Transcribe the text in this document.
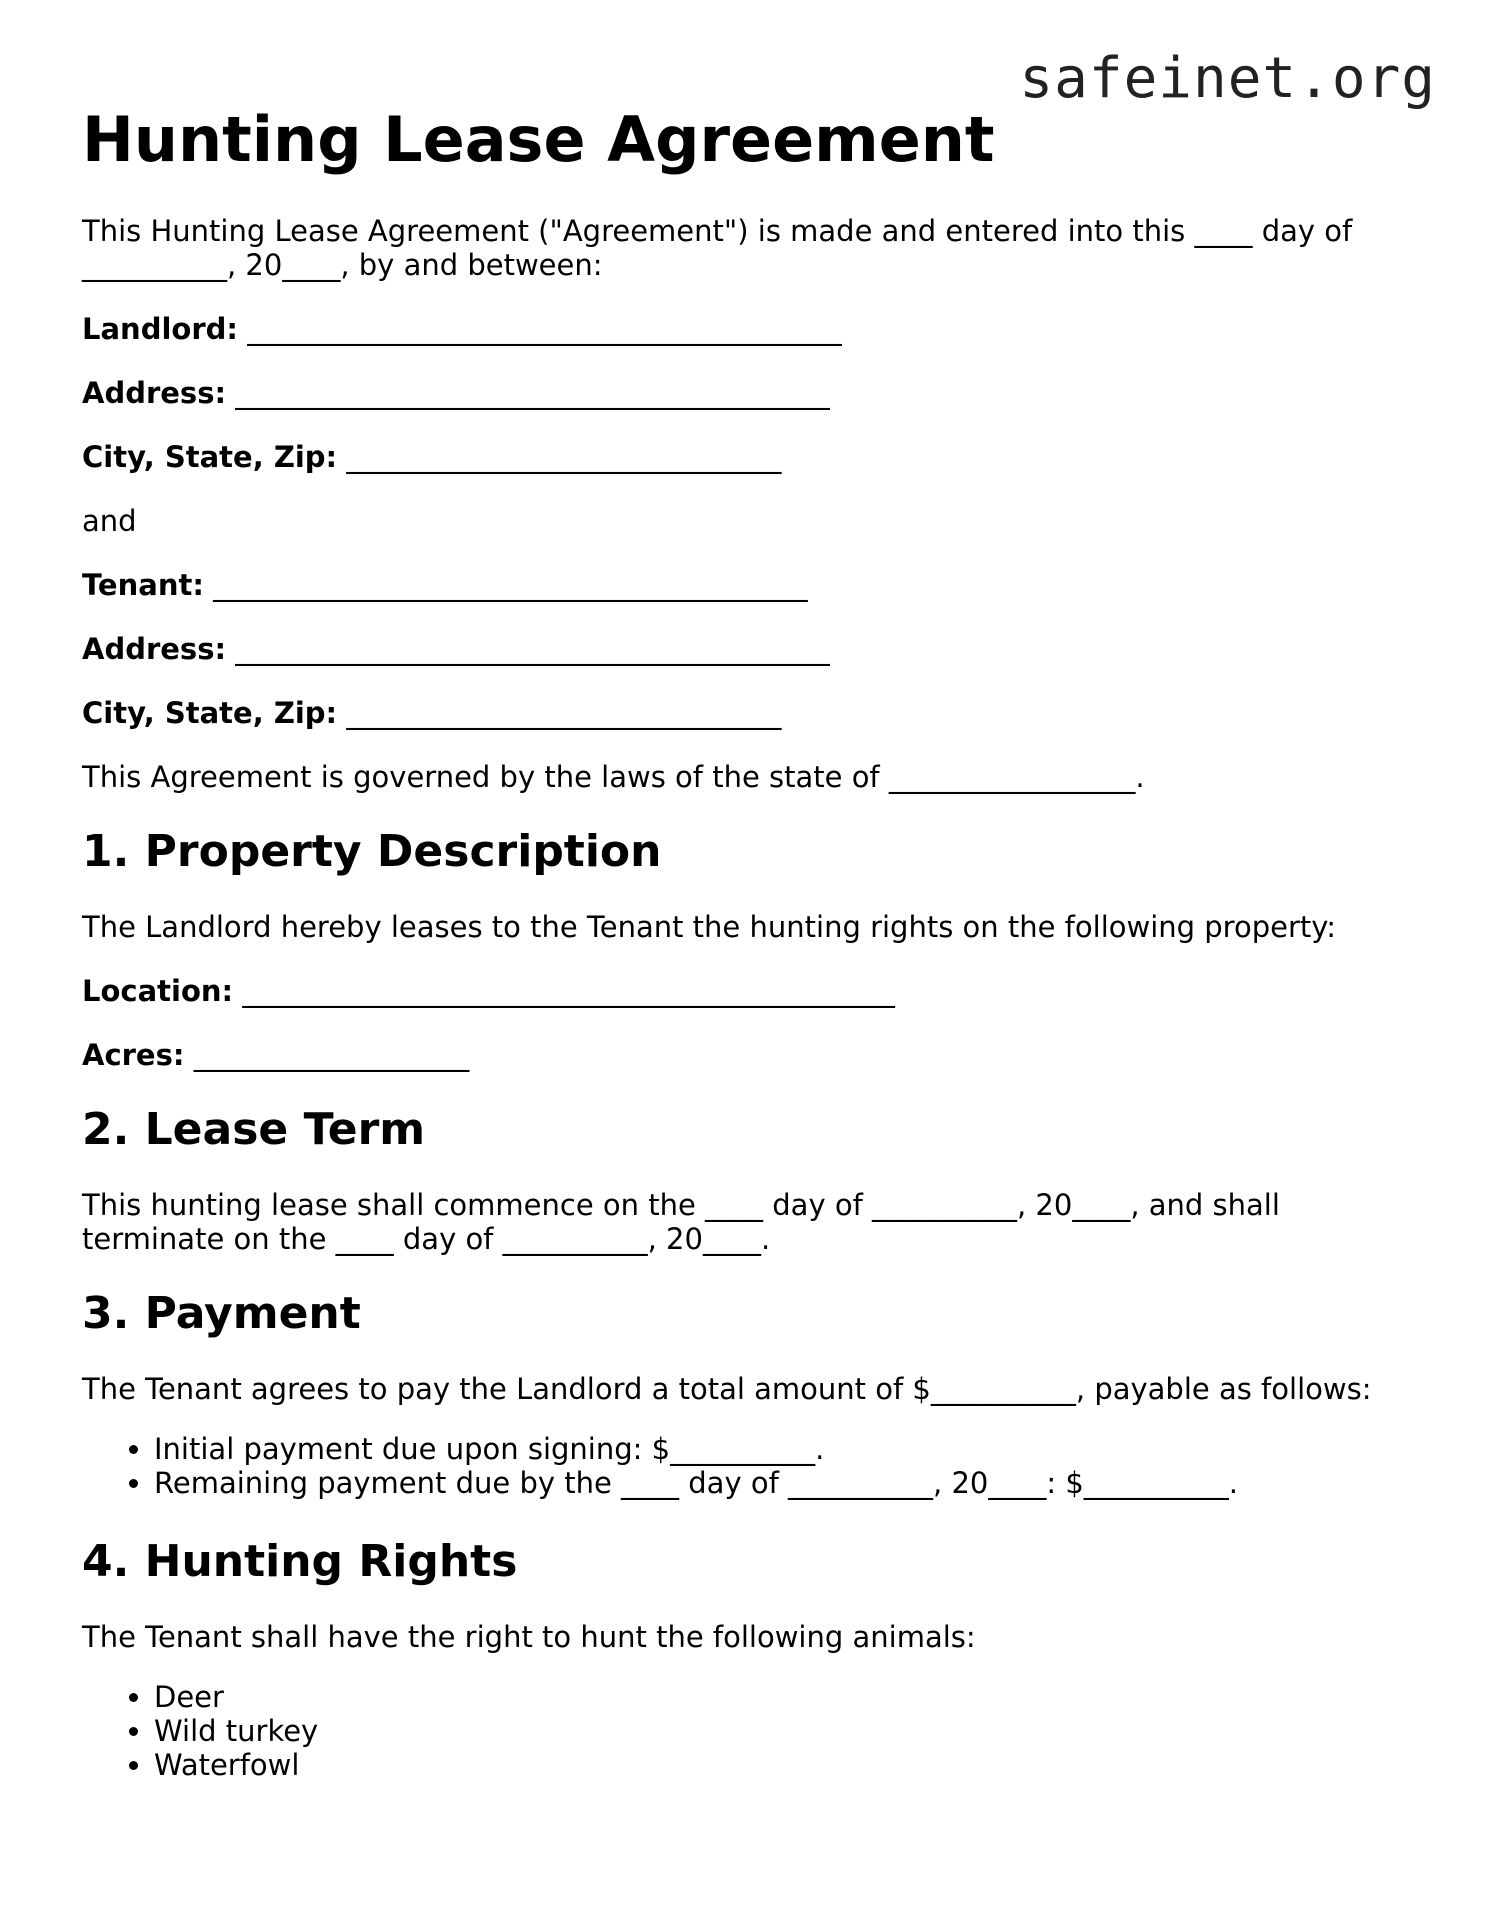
safeinet.org
Hunting Lease Agreement

This Hunting Lease Agreement ("Agreement") is made and entered into this ____ day of __________, 20____, by and between:

Landlord: _________________________________________

Address: _________________________________________

City, State, Zip: ______________________________

and

Tenant: _________________________________________

Address: _________________________________________

City, State, Zip: ______________________________

This Agreement is governed by the laws of the state of _________________.

1. Property Description

The Landlord hereby leases to the Tenant the hunting rights on the following property:

Location: _____________________________________________

Acres: ___________________

2. Lease Term

This hunting lease shall commence on the ____ day of __________, 20____, and shall terminate on the ____ day of __________, 20____.

3. Payment

The Tenant agrees to pay the Landlord a total amount of $__________, payable as follows:

• Initial payment due upon signing: $__________.
• Remaining payment due by the ____ day of __________, 20____: $__________.
4. Hunting Rights

The Tenant shall have the right to hunt the following animals:

• Deer
• Wild turkey
• Waterfowl
